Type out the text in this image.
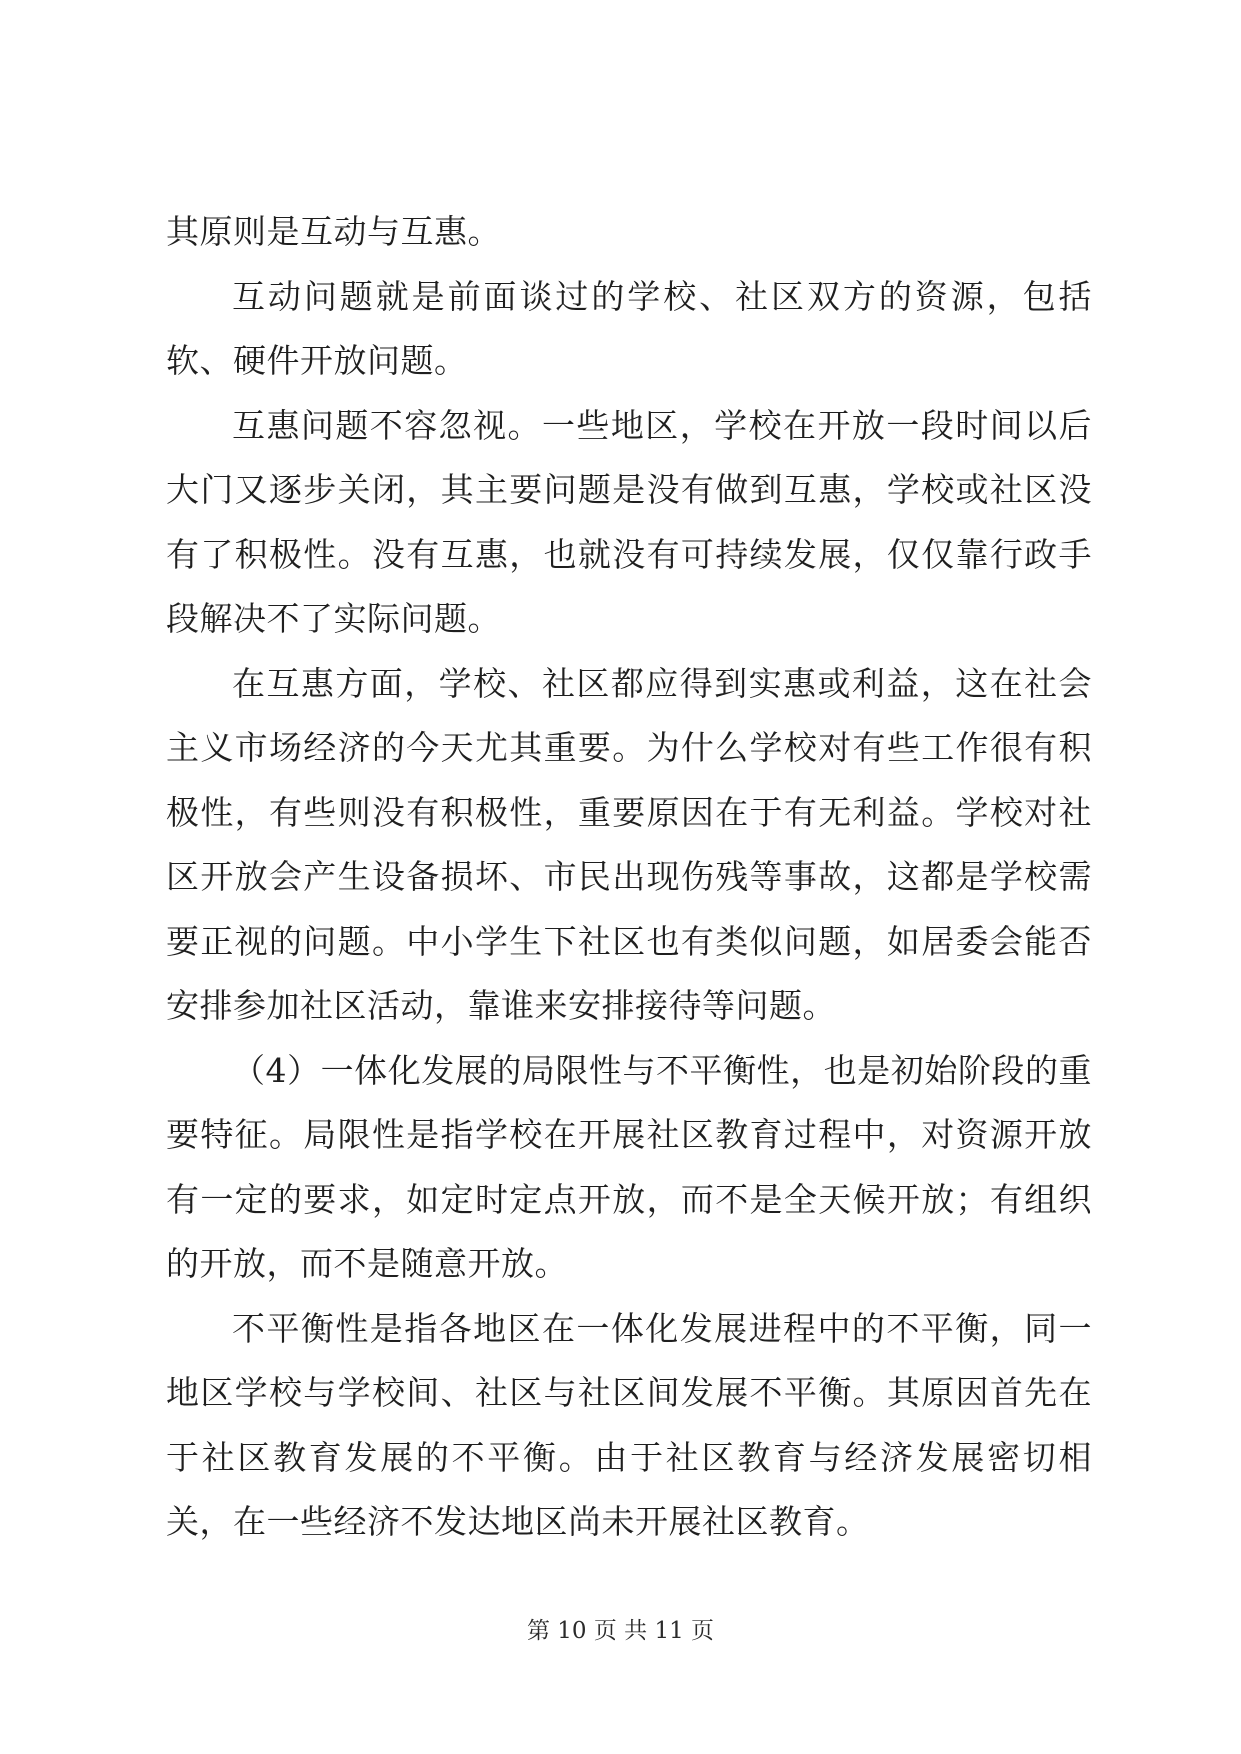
其原则是互动与互惠。

互动问题就是前面谈过的学校、社区双方的资源，包括软、硬件开放问题。

互惠问题不容忽视。一些地区，学校在开放一段时间以后大门又逐步关闭，其主要问题是没有做到互惠，学校或社区没有了积极性。没有互惠，也就没有可持续发展，仅仅靠行政手段解决不了实际问题。

在互惠方面，学校、社区都应得到实惠或利益，这在社会主义市场经济的今天尤其重要。为什么学校对有些工作很有积极性，有些则没有积极性，重要原因在于有无利益。学校对社区开放会产生设备损坏、市民出现伤残等事故，这都是学校需要正视的问题。中小学生下社区也有类似问题，如居委会能否安排参加社区活动，靠谁来安排接待等问题。

（4）一体化发展的局限性与不平衡性，也是初始阶段的重要特征。局限性是指学校在开展社区教育过程中，对资源开放有一定的要求，如定时定点开放，而不是全天候开放；有组织的开放，而不是随意开放。

不平衡性是指各地区在一体化发展进程中的不平衡，同一地区学校与学校间、社区与社区间发展不平衡。其原因首先在于社区教育发展的不平衡。由于社区教育与经济发展密切相关，在一些经济不发达地区尚未开展社区教育。

第 10 页 共 11 页
